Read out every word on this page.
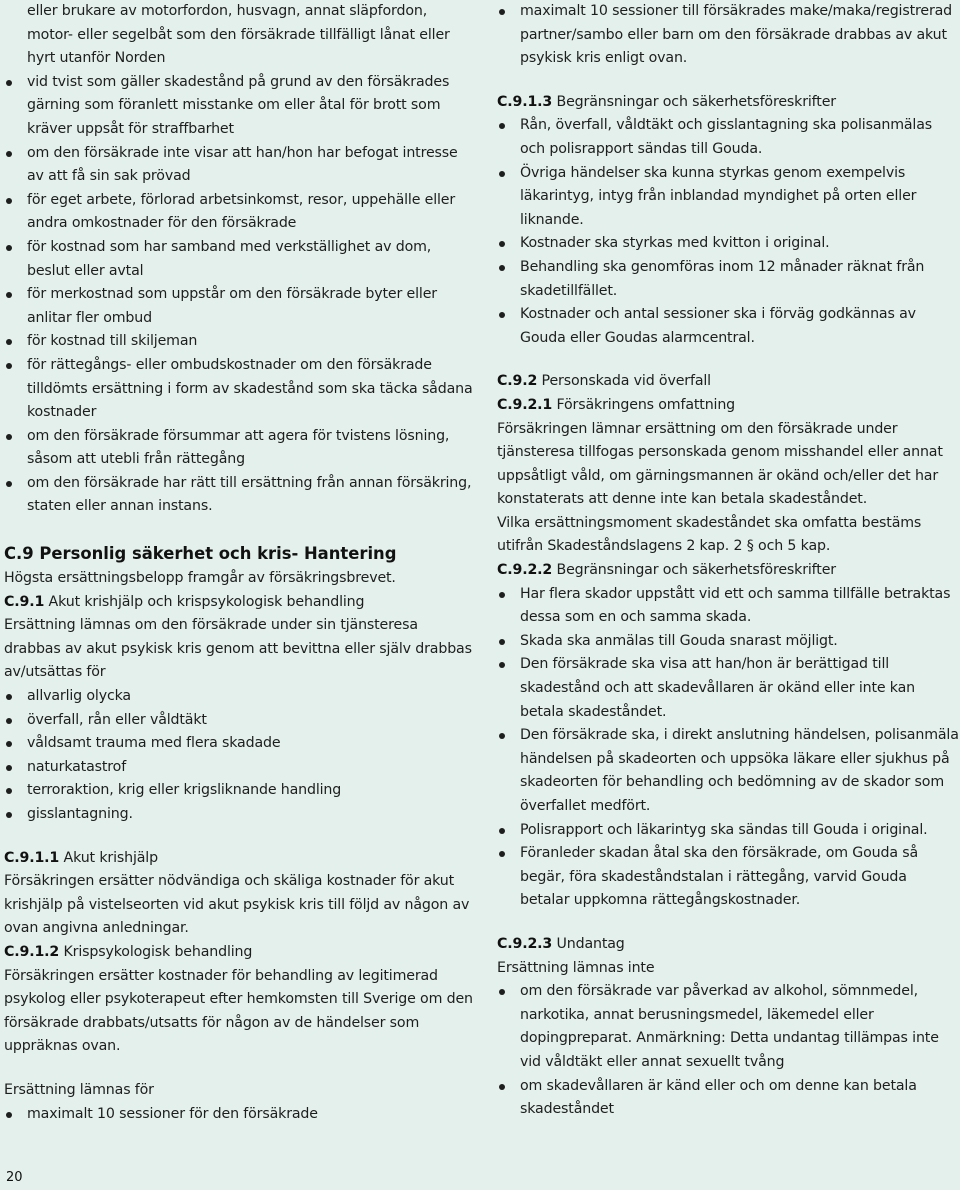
eller brukare av motorfordon, husvagn, annat släpfordon, motor- eller segelbåt som den försäkrade tillfälligt lånat eller hyrt utanför Norden

vid tvist som gäller skadestånd på grund av den försäkrades gärning som föranlett misstanke om eller åtal för brott som kräver uppsåt för straffbarhet
om den försäkrade inte visar att han/hon har befogat intresse av att få sin sak prövad
för eget arbete, förlorad arbetsinkomst, resor, uppehälle eller andra omkostnader för den försäkrade
för kostnad som har samband med verkställighet av dom, beslut eller avtal
för merkostnad som uppstår om den försäkrade byter eller anlitar fler ombud
för kostnad till skiljeman
för rättegångs- eller ombudskostnader om den försäkrade tilldömts ersättning i form av skadestånd som ska täcka sådana kostnader
om den försäkrade försummar att agera för tvistens lösning, såsom att utebli från rättegång
om den försäkrade har rätt till ersättning från annan försäkring, staten eller annan instans.
C.9 Personlig säkerhet och kris- Hantering

Högsta ersättningsbelopp framgår av försäkringsbrevet.

C.9.1 Akut krishjälp och krispsykologisk behandling

Ersättning lämnas om den försäkrade under sin tjänsteresa drabbas av akut psykisk kris genom att bevittna eller själv drabbas av/utsättas för

allvarlig olycka
överfall, rån eller våldtäkt
våldsamt trauma med flera skadade
naturkatastrof
terroraktion, krig eller krigsliknande handling
gisslantagning.

C.9.1.1 Akut krishjälp

Försäkringen ersätter nödvändiga och skäliga kostnader för akut krishjälp på vistelseorten vid akut psykisk kris till följd av någon av ovan angivna anledningar.

C.9.1.2 Krispsykologisk behandling

Försäkringen ersätter kostnader för behandling av legitimerad psykolog eller psykoterapeut efter hemkomsten till Sverige om den försäkrade drabbats/utsatts för någon av de händelser som uppräknas ovan.

Ersättning lämnas för

maximalt 10 sessioner för den försäkrade
maximalt 10 sessioner till försäkrades make/maka/registrerad partner/sambo eller barn om den försäkrade drabbas av akut psykisk kris enligt ovan.

C.9.1.3 Begränsningar och säkerhetsföreskrifter

Rån, överfall, våldtäkt och gisslantagning ska polisanmälas och polisrapport sändas till Gouda.
Övriga händelser ska kunna styrkas genom exempelvis läkarintyg, intyg från inblandad myndighet på orten eller liknande.
Kostnader ska styrkas med kvitton i original.
Behandling ska genomföras inom 12 månader räknat från skadetillfället.
Kostnader och antal sessioner ska i förväg godkännas av Gouda eller Goudas alarmcentral.

C.9.2 Personskada vid överfall

C.9.2.1 Försäkringens omfattning

Försäkringen lämnar ersättning om den försäkrade under tjänsteresa tillfogas personskada genom misshandel eller annat uppsåtligt våld, om gärningsmannen är okänd och/eller det har konstaterats att denne inte kan betala skadeståndet.

Vilka ersättningsmoment skadeståndet ska omfatta bestäms utifrån Skadeståndslagens 2 kap. 2 § och 5 kap.

C.9.2.2 Begränsningar och säkerhetsföreskrifter

Har flera skador uppstått vid ett och samma tillfälle betraktas dessa som en och samma skada.
Skada ska anmälas till Gouda snarast möjligt.
Den försäkrade ska visa att han/hon är berättigad till skadestånd och att skadevållaren är okänd eller inte kan betala skadeståndet.
Den försäkrade ska, i direkt anslutning händelsen, polisanmäla händelsen på skadeorten och uppsöka läkare eller sjukhus på skadeorten för behandling och bedömning av de skador som överfallet medfört.
Polisrapport och läkarintyg ska sändas till Gouda i original.
Föranleder skadan åtal ska den försäkrade, om Gouda så begär, föra skadeståndstalan i rättegång, varvid Gouda betalar uppkomna rättegångskostnader.

C.9.2.3 Undantag

Ersättning lämnas inte

om den försäkrade var påverkad av alkohol, sömnmedel, narkotika, annat berusningsmedel, läkemedel eller dopingpreparat. Anmärkning: Detta undantag tillämpas inte vid våldtäkt eller annat sexuellt tvång
om skadevållaren är känd eller och om denne kan betala skadeståndet
20
